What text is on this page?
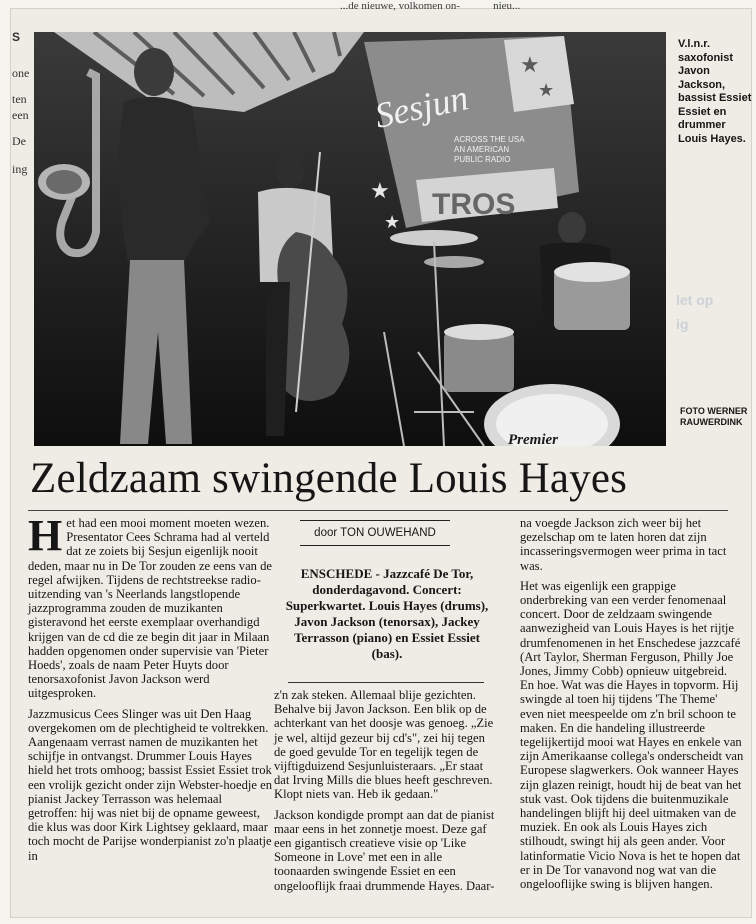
...de nieuwe, volkomen on-	nieu...
S
one
ten
een
De
ing
let op
ig
★
★
Sesjun
ACROSS THE USA
AN AMERICAN
PUBLIC RADIO
TROS
★
★
Premier
V.l.n.r. saxofonist Javon Jackson, bassist Essiet Essiet en drummer Louis Hayes.
FOTO WERNER RAUWERDINK
Zeldzaam swingende Louis Hayes

Het had een mooi moment moeten wezen. Presentator Cees Schrama had al verteld dat ze zoiets bij Sesjun eigenlijk nooit deden, maar nu in De Tor zouden ze eens van de regel afwijken. Tijdens de rechtstreekse radio-uitzending van 's Neerlands langstlopende jazzprogramma zouden de muzikanten gisteravond het eerste exemplaar overhandigd krijgen van de cd die ze begin dit jaar in Milaan hadden opgenomen onder supervisie van 'Pieter Hoeds', zoals de naam Peter Huyts door tenorsaxofonist Javon Jackson werd uitgesproken.

Jazzmusicus Cees Slinger was uit Den Haag overgekomen om de plechtigheid te voltrekken. Aangenaam verrast namen de muzikanten het schijfje in ontvangst. Drummer Louis Hayes hield het trots omhoog; bassist Essiet Essiet trok een vrolijk gezicht onder zijn Webster-hoedje en pianist Jackey Terrasson was helemaal getroffen: hij was niet bij de opname geweest, die klus was door Kirk Lightsey geklaard, maar toch mocht de Parijse wonderpianist zo'n plaatje in

door TON OUWEHAND
ENSCHEDE - Jazzcafé De Tor, donderdagavond. Concert: Superkwartet. Louis Hayes (drums), Javon Jackson (tenorsax), Jackey Terrasson (piano) en Essiet Essiet (bas).

z'n zak steken. Allemaal blije gezichten. Behalve bij Javon Jackson. Een blik op de achterkant van het doosje was genoeg. „Zie je wel, altijd gezeur bij cd's", zei hij tegen de goed gevulde Tor en tegelijk tegen de vijftigduizend Sesjunluisteraars. „Er staat dat Irving Mills die blues heeft geschreven. Klopt niets van. Heb ik gedaan."

Jackson kondigde prompt aan dat de pianist maar eens in het zonnetje moest. Deze gaf een gigantisch creatieve visie op 'Like Someone in Love' met een in alle toonaarden swingende Essiet en een ongelooflijk fraai drummende Hayes. Daar-

na voegde Jackson zich weer bij het gezelschap om te laten horen dat zijn incasseringsvermogen weer prima in tact was.

Het was eigenlijk een grappige onderbreking van een verder fenomenaal concert. Door de zeldzaam swingende aanwezigheid van Louis Hayes is het rijtje drumfenomenen in het Enschedese jazzcafé (Art Taylor, Sherman Ferguson, Philly Joe Jones, Jimmy Cobb) opnieuw uitgebreid. En hoe. Wat was die Hayes in topvorm. Hij swingde al toen hij tijdens 'The Theme' even niet meespeelde om z'n bril schoon te maken. En die handeling illustreerde tegelijkertijd mooi wat Hayes en enkele van zijn Amerikaanse collega's onderscheidt van Europese slagwerkers. Ook wanneer Hayes zijn glazen reinigt, houdt hij de beat van het stuk vast. Ook tijdens die buitenmuzikale handelingen blijft hij deel uitmaken van de muziek. En ook als Louis Hayes zich stilhoudt, swingt hij als geen ander. Voor latinformatie Vicio Nova is het te hopen dat er in De Tor vanavond nog wat van die ongelooflijke swing is blijven hangen.
